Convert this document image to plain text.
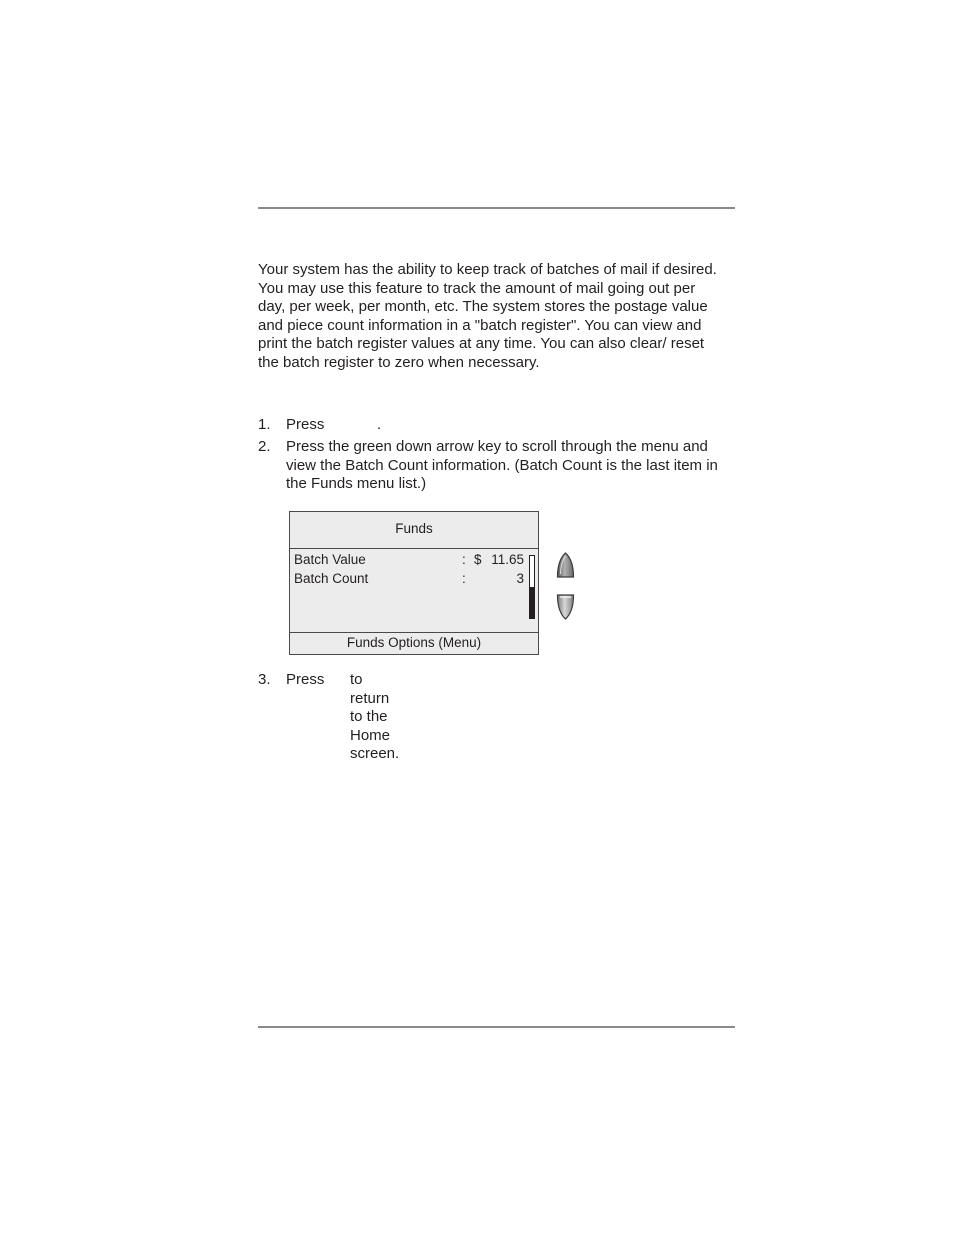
Your system has the ability to keep track of batches of mail if desired.
You may use this feature to track the amount of mail going out per
day, per week, per month, etc. The system stores the postage value
and piece count information in a "batch register". You can view and
print the batch register values at any time. You can also clear/ reset
the batch register to zero when necessary.

1. Press	.
2. Press the green down arrow key to scroll through the menu and
view the Batch Count information. (Batch Count is the last item in
the Funds menu list.)
Funds
Batch Value	: $ 11.65
Batch Count	:	3
Funds Options (Menu)
3. Press to return to the Home screen.
